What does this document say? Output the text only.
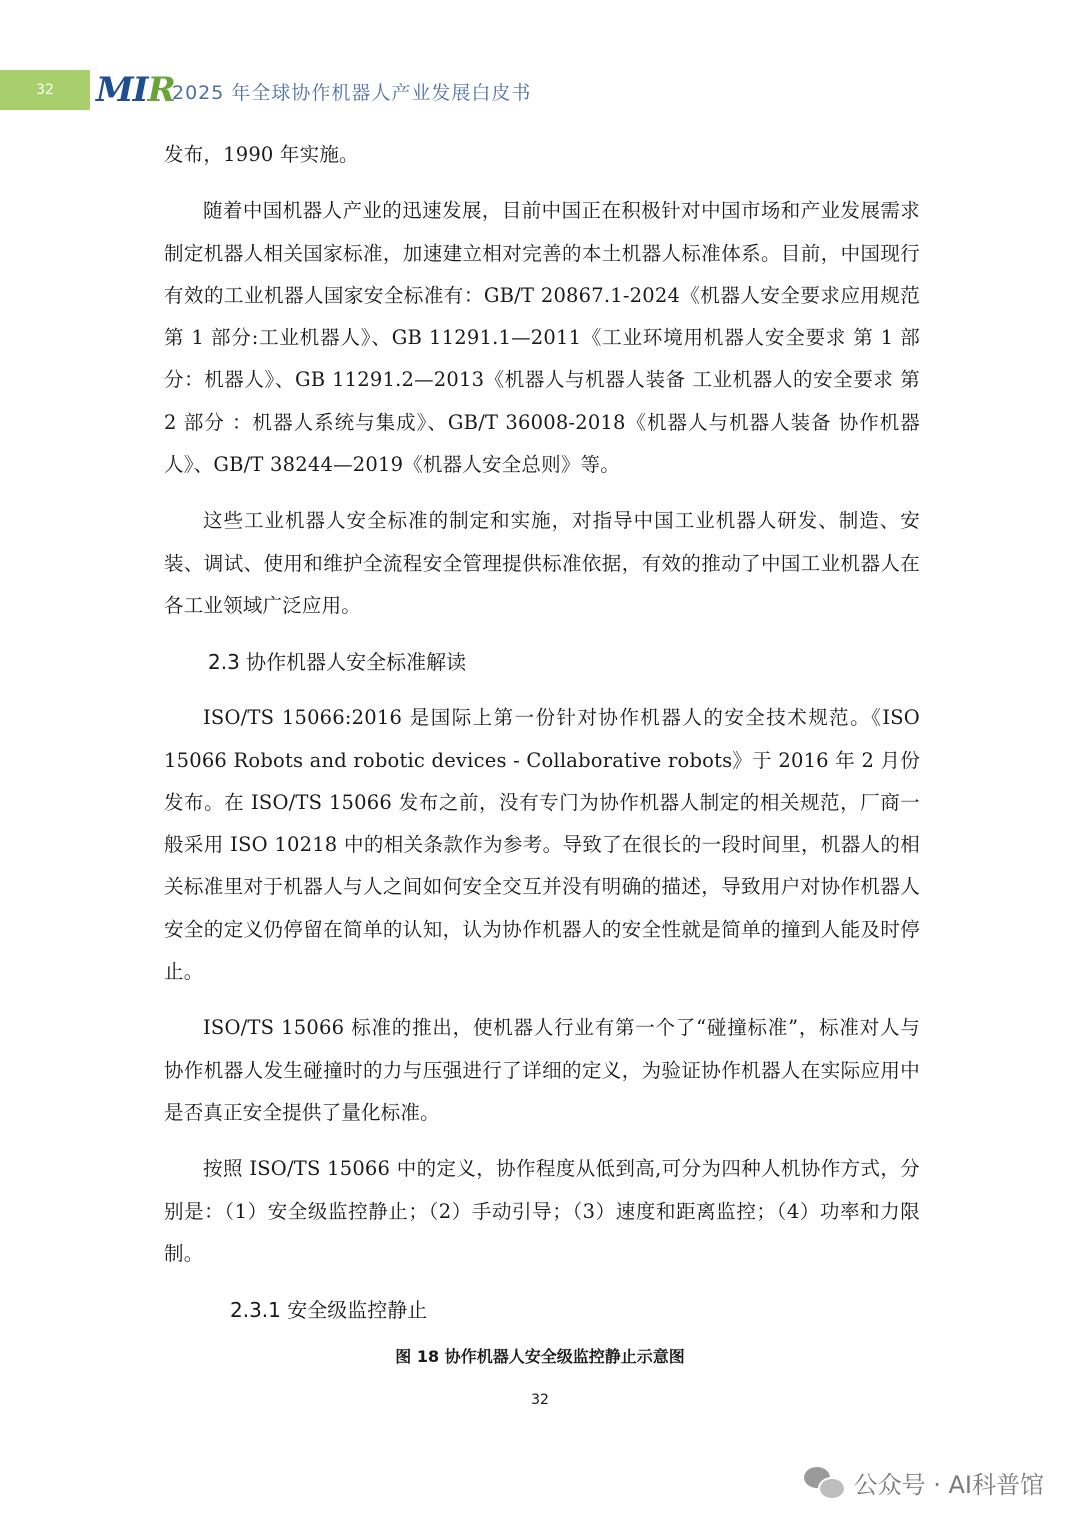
32	MIR
2025 年全球协作机器人产业发展白皮书

发布，1990 年实施。

随着中国机器人产业的迅速发展，目前中国正在积极针对中国市场和产业发展需求制定机器人相关国家标准，加速建立相对完善的本土机器人标准体系。目前，中国现行有效的工业机器人国家安全标准有：GB/T 20867.1-2024《机器人安全要求应用规范第 1 部分:工业机器人》、GB 11291.1—2011《工业环境用机器人安全要求 第 1 部分：机器人》、GB 11291.2—2013《机器人与机器人装备 工业机器人的安全要求 第 2 部分 ：机器人系统与集成》、GB/T 36008-2018《机器人与机器人装备 协作机器人》、GB/T 38244—2019《机器人安全总则》等。

这些工业机器人安全标准的制定和实施，对指导中国工业机器人研发、制造、安装、调试、使用和维护全流程安全管理提供标准依据，有效的推动了中国工业机器人在各工业领域广泛应用。

2.3 协作机器人安全标准解读

ISO/TS 15066:2016 是国际上第一份针对协作机器人的安全技术规范。《ISO 15066 Robots and robotic devices - Collaborative robots》于 2016 年 2 月份发布。在 ISO/TS 15066 发布之前，没有专门为协作机器人制定的相关规范，厂商一般采用 ISO 10218 中的相关条款作为参考。导致了在很长的一段时间里，机器人的相关标准里对于机器人与人之间如何安全交互并没有明确的描述，导致用户对协作机器人安全的定义仍停留在简单的认知，认为协作机器人的安全性就是简单的撞到人能及时停止。

ISO/TS 15066 标准的推出，使机器人行业有第一个了“碰撞标准”，标准对人与协作机器人发生碰撞时的力与压强进行了详细的定义，为验证协作机器人在实际应用中是否真正安全提供了量化标准。

按照 ISO/TS 15066 中的定义，协作程度从低到高,可分为四种人机协作方式，分别是：（1）安全级监控静止；（2）手动引导；（3）速度和距离监控；（4）功率和力限制。

2.3.1 安全级监控静止
图 18 协作机器人安全级监控静止示意图
32
公众号 · AI科普馆
